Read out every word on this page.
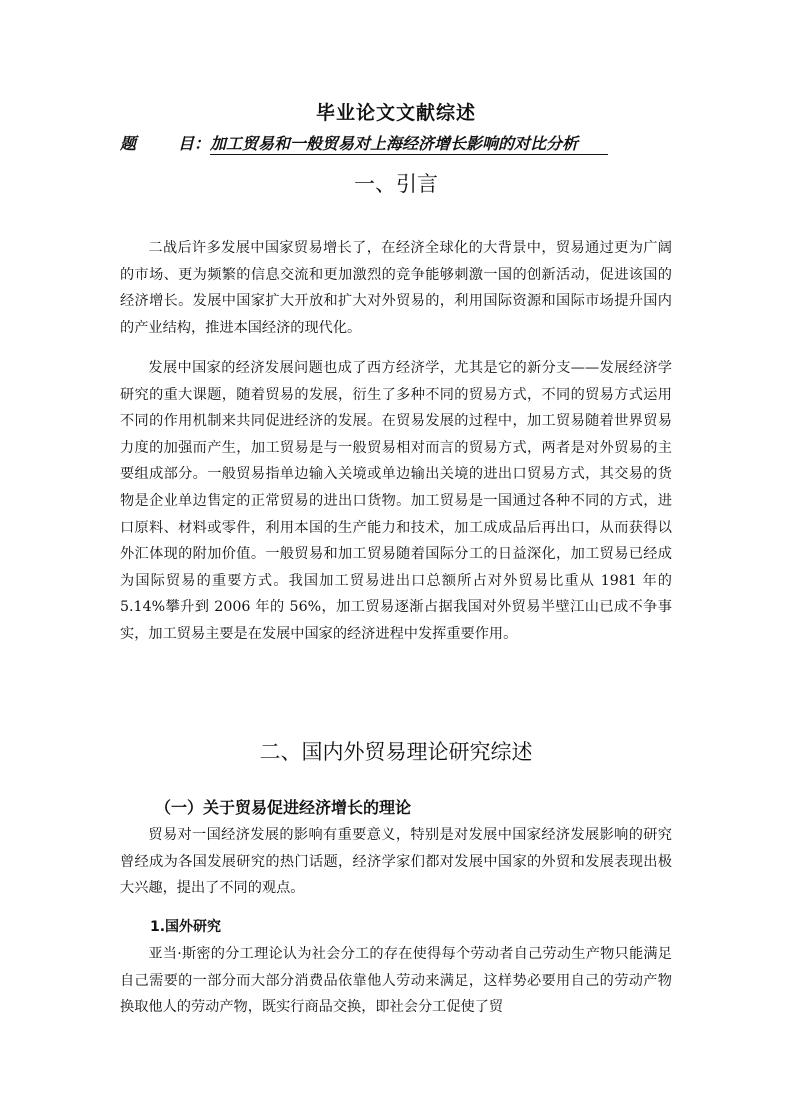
毕业论文文献综述
题	目：加工贸易和一般贸易对上海经济增长影响的对比分析
一、引言

二战后许多发展中国家贸易增长了，在经济全球化的大背景中，贸易通过更为广阔的市场、更为频繁的信息交流和更加激烈的竞争能够刺激一国的创新活动，促进该国的经济增长。发展中国家扩大开放和扩大对外贸易的，利用国际资源和国际市场提升国内的产业结构，推进本国经济的现代化。

发展中国家的经济发展问题也成了西方经济学，尤其是它的新分支——发展经济学研究的重大课题，随着贸易的发展，衍生了多种不同的贸易方式，不同的贸易方式运用不同的作用机制来共同促进经济的发展。在贸易发展的过程中，加工贸易随着世界贸易力度的加强而产生，加工贸易是与一般贸易相对而言的贸易方式，两者是对外贸易的主要组成部分。一般贸易指单边输入关境或单边输出关境的进出口贸易方式，其交易的货物是企业单边售定的正常贸易的进出口货物。加工贸易是一国通过各种不同的方式，进口原料、材料或零件，利用本国的生产能力和技术，加工成成品后再出口，从而获得以外汇体现的附加价值。一般贸易和加工贸易随着国际分工的日益深化，加工贸易已经成为国际贸易的重要方式。我国加工贸易进出口总额所占对外贸易比重从 1981 年的5.14%攀升到 2006 年的 56%，加工贸易逐渐占据我国对外贸易半壁江山已成不争事实，加工贸易主要是在发展中国家的经济进程中发挥重要作用。

二、国内外贸易理论研究综述
（一）关于贸易促进经济增长的理论

贸易对一国经济发展的影响有重要意义，特别是对发展中国家经济发展影响的研究曾经成为各国发展研究的热门话题，经济学家们都对发展中国家的外贸和发展表现出极大兴趣，提出了不同的观点。

1.国外研究

亚当·斯密的分工理论认为社会分工的存在使得每个劳动者自己劳动生产物只能满足自己需要的一部分而大部分消费品依靠他人劳动来满足，这样势必要用自己的劳动产物换取他人的劳动产物，既实行商品交换，即社会分工促使了贸
